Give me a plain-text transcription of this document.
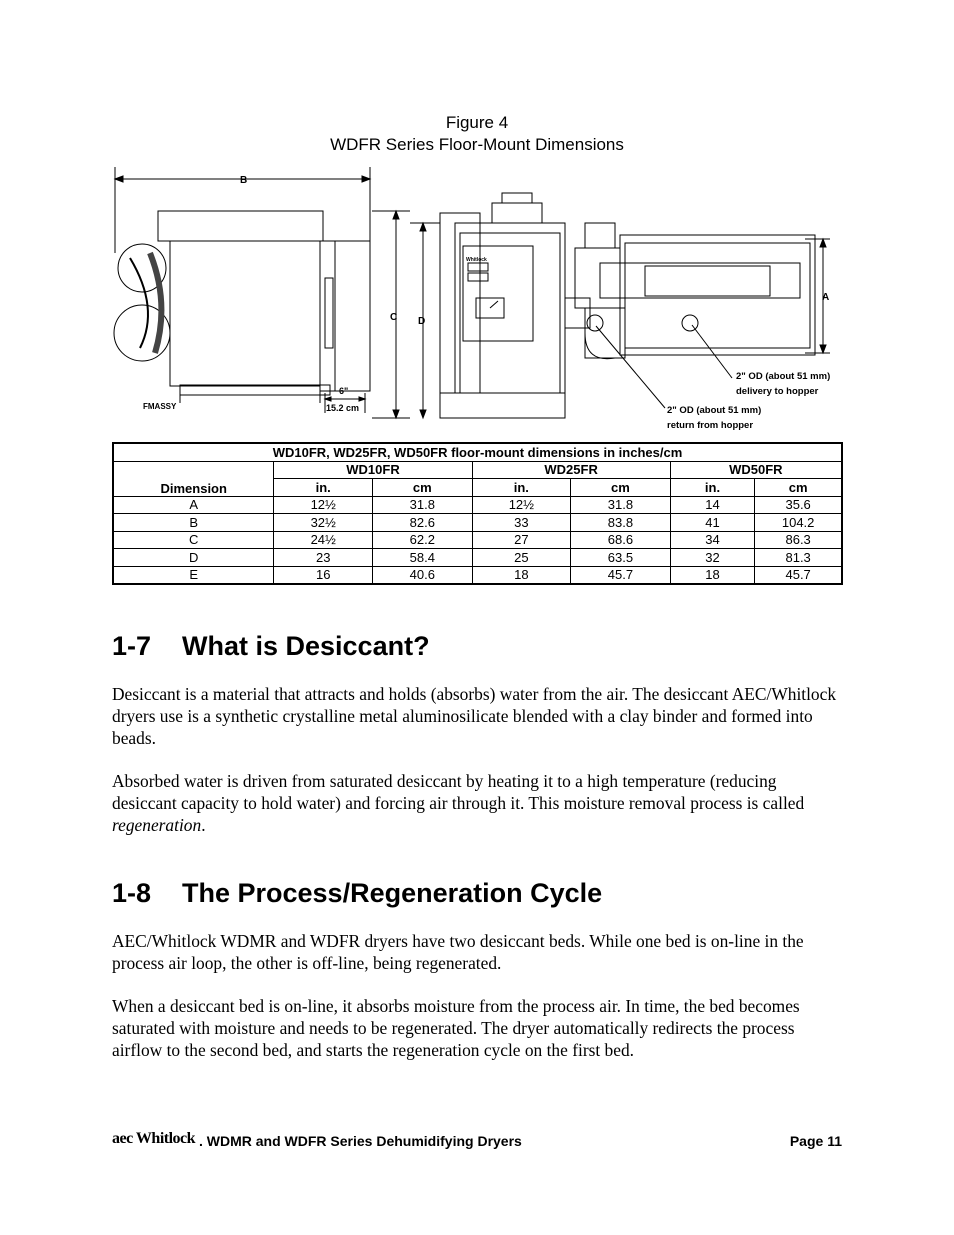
Figure 4
WDFR Series Floor-Mount Dimensions
B
A
C D
6"
15.2 cm
FMASSY
Whitlock
2" OD (about 51 mm)
delivery to hopper
2" OD (about 51 mm)
return from hopper
WD10FR, WD25FR, WD50FR floor-mount dimensions in inches/cm						
Dimension	WD10FR		WD25FR		WD50FR	
	in.	cm	in.	cm	in.	cm
A	12½	31.8	12½	31.8	14	35.6
B	32½	82.6	33	83.8	41	104.2
C	24½	62.2	27	68.6	34	86.3
D	23	58.4	25	63.5	32	81.3
E	16	40.6	18	45.7	18	45.7
1-7 What is Desiccant?

Desiccant is a material that attracts and holds (absorbs) water from the air. The desiccant AEC/Whitlock dryers use is a synthetic crystalline metal aluminosilicate blended with a clay binder and formed into beads.

Absorbed water is driven from saturated desiccant by heating it to a high temperature (reducing desiccant capacity to hold water) and forcing air through it. This moisture removal process is called regeneration.

1-8 The Process/Regeneration Cycle

AEC/Whitlock WDMR and WDFR dryers have two desiccant beds. While one bed is on-line in the process air loop, the other is off-line, being regenerated.

When a desiccant bed is on-line, it absorbs moisture from the process air. In time, the bed becomes saturated with moisture and needs to be regenerated. The dryer automatically redirects the process airflow to the second bed, and starts the regeneration cycle on the first bed.

aec Whitlock . WDMR and WDFR Series Dehumidifying Dryers	Page 11
